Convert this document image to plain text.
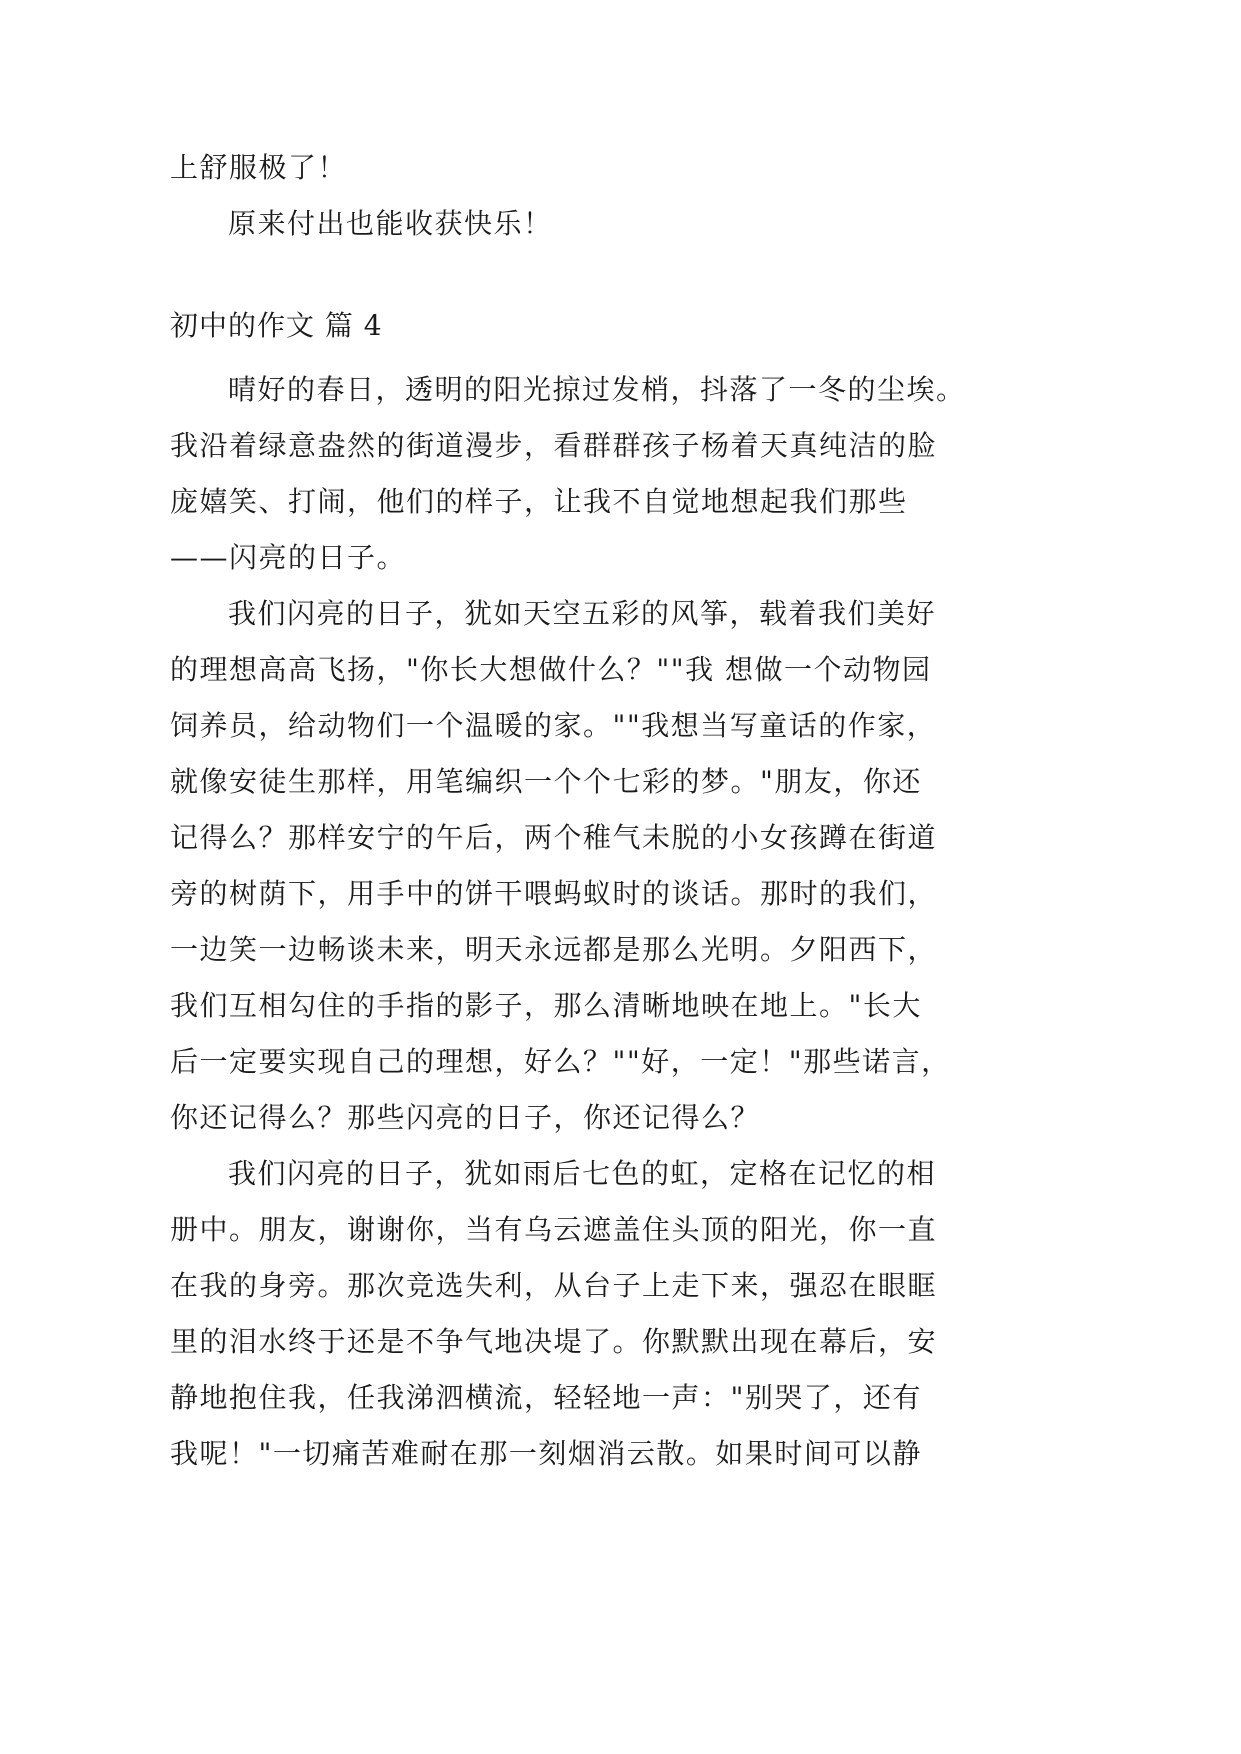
上舒服极了！
原来付出也能收获快乐！
初中的作文 篇 4
晴好的春日，透明的阳光掠过发梢，抖落了一冬的尘埃。
我沿着绿意盎然的街道漫步，看群群孩子杨着天真纯洁的脸
庞嬉笑、打闹，他们的样子，让我不自觉地想起我们那些
——闪亮的日子。
我们闪亮的日子，犹如天空五彩的风筝，载着我们美好
的理想高高飞扬，"你长大想做什么？""我 想做一个动物园
饲养员，给动物们一个温暖的家。""我想当写童话的作家，
就像安徒生那样，用笔编织一个个七彩的梦。"朋友，你还
记得么？那样安宁的午后，两个稚气未脱的小女孩蹲在街道
旁的树荫下，用手中的饼干喂蚂蚁时的谈话。那时的我们，
一边笑一边畅谈未来，明天永远都是那么光明。夕阳西下，
我们互相勾住的手指的影子，那么清晰地映在地上。"长大
后一定要实现自己的理想，好么？""好，一定！"那些诺言，
你还记得么？那些闪亮的日子，你还记得么？
我们闪亮的日子，犹如雨后七色的虹，定格在记忆的相
册中。朋友，谢谢你，当有乌云遮盖住头顶的阳光，你一直
在我的身旁。那次竞选失利，从台子上走下来，强忍在眼眶
里的泪水终于还是不争气地决堤了。你默默出现在幕后，安
静地抱住我，任我涕泗横流，轻轻地一声："别哭了，还有
我呢！"一切痛苦难耐在那一刻烟消云散。如果时间可以静
